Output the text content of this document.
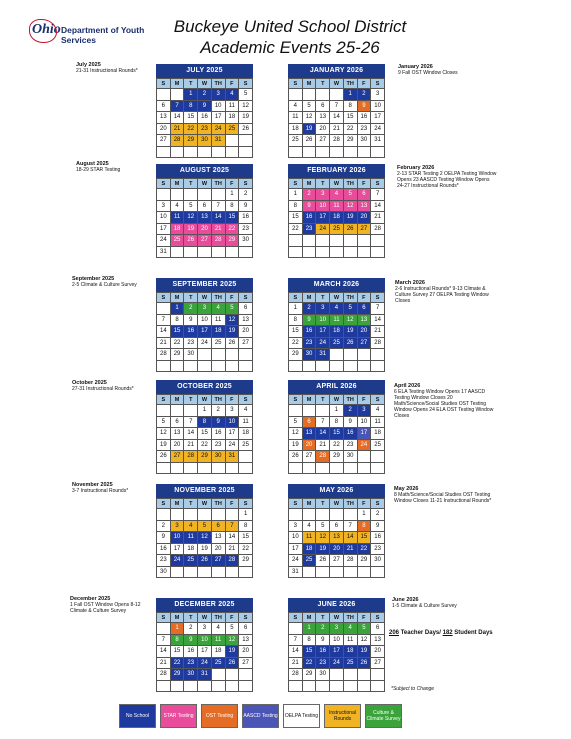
Ohio Department of Youth Services
Buckeye United School District
Academic Events 25-26
July 2025
21-31 Instructional Rounds*
August 2025
18-29 STAR Testing
September 2025
2-5 Climate & Culture Survey
October 2025
27-31 Instructional Rounds*
November 2025
3-7 Instructional Rounds*
December 2025
1 Fall OST Window Opens 8-12 Climate & Culture Survey
January 2026
9 Fall OST Window Closes
February 2026
2-13 STAR Testing 2 OELPA Testing Window Opens 23 AASCD Testing Window Opens 24-27 Instructional Rounds*
March 2026
2-6 Instructional Rounds* 9-13 Climate & Culture Survey 27 OELPA Testing Window Closes
April 2026
6 ELA Testing Window Opens 17 AASCD Testing Window Closes 20 Math/Science/Social Studies OST Testing Window Opens 24 ELA OST Testing Window Closes
May 2026
8 Math/Science/Social Studies OST Testing Window Closes 11-21 Instructional Rounds*
June 2026
1-5 Climate & Culture Survey
JULY 2025
S	M	T	W	TH	F	S
		1	2	3	4	5
6	7	8	9	10	11	12
13	14	15	16	17	18	19
20	21	22	23	24	25	26
27	28	29	30	31		

AUGUST 2025
S	M	T	W	TH	F	S
					1	2
3	4	5	6	7	8	9
10	11	12	13	14	15	16
17	18	19	20	21	22	23
24	25	26	27	28	29	30
31						
SEPTEMBER 2025
S	M	T	W	TH	F	S
	1	2	3	4	5	6
7	8	9	10	11	12	13
14	15	16	17	18	19	20
21	22	23	24	25	26	27
28	29	30				

OCTOBER 2025
S	M	T	W	TH	F	S
			1	2	3	4
5	6	7	8	9	10	11
12	13	14	15	16	17	18
19	20	21	22	23	24	25
26	27	28	29	30	31	

NOVEMBER 2025
S	M	T	W	TH	F	S
						1
2	3	4	5	6	7	8
9	10	11	12	13	14	15
16	17	18	19	20	21	22
23	24	25	26	27	28	29
30						
DECEMBER 2025
S	M	T	W	TH	F	S
	1	2	3	4	5	6
7	8	9	10	11	12	13
14	15	16	17	18	19	20
21	22	23	24	25	26	27
28	29	30	31			

JANUARY 2026
S	M	T	W	TH	F	S
				1	2	3
4	5	6	7	8	9	10
11	12	13	14	15	16	17
18	19	20	21	22	23	24
25	26	27	28	29	30	31

FEBRUARY 2026
S	M	T	W	TH	F	S
1	2	3	4	5	6	7
8	9	10	11	12	13	14
15	16	17	18	19	20	21
22	23	24	25	26	27	28

MARCH 2026
S	M	T	W	TH	F	S
1	2	3	4	5	6	7
8	9	10	11	12	13	14
15	16	17	18	19	20	21
22	23	24	25	26	27	28
29	30	31				

APRIL 2026
S	M	T	W	TH	F	S
			1	2	3	4
5	6	7	8	9	10	11
12	13	14	15	16	17	18
19	20	21	22	23	24	25
26	27	28	29	30		

MAY 2026
S	M	T	W	TH	F	S
					1	2
3	4	5	6	7	8	9
10	11	12	13	14	15	16
17	18	19	20	21	22	23
24	25	26	27	28	29	30
31						
JUNE 2026
S	M	T	W	TH	F	S
	1	2	3	4	5	6
7	8	9	10	11	12	13
14	15	16	17	18	19	20
21	22	23	24	25	26	27
28	29	30				

206 Teacher Days/ 182 Student Days
*Subject to Change
No School	STAR Testing	OST Testing	AASCD Testing	OELPA Testing	Instructional Rounds
Culture & Climate Survey
